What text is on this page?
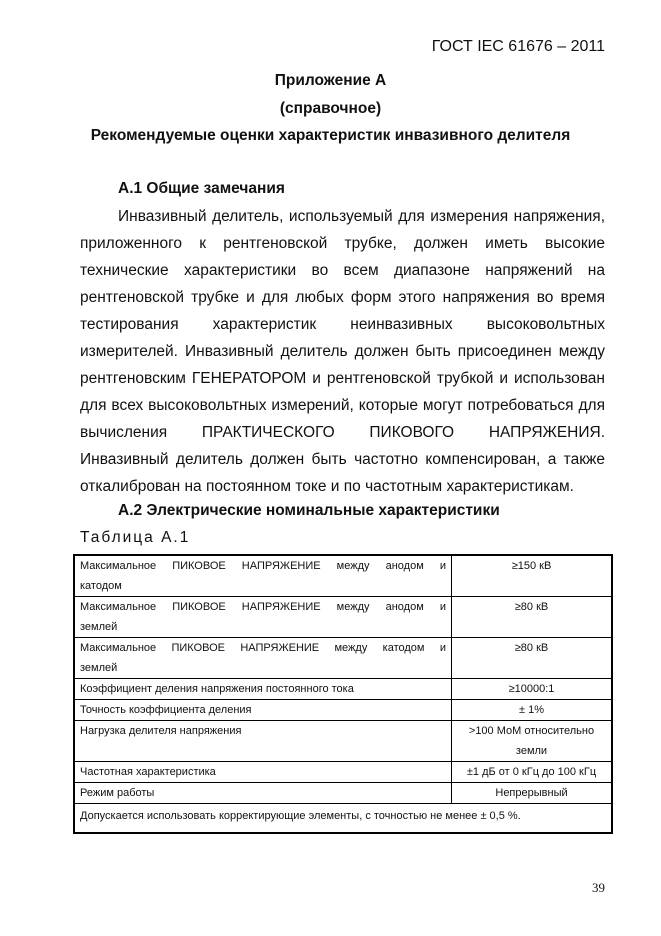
ГОСТ IEC 61676 – 2011
Приложение А
(справочное)
Рекомендуемые оценки характеристик инвазивного делителя
А.1 Общие замечания

Инвазивный делитель, используемый для измерения напряжения, приложенного к рентгеновской трубке, должен иметь высокие технические характеристики во всем диапазоне напряжений на рентгеновской трубке и для любых форм этого напряжения во время тестирования характеристик неинвазивных высоковольтных измерителей. Инвазивный делитель должен быть присоединен между рентгеновским ГЕНЕРАТОРОМ и рентгеновской трубкой и использован для всех высоковольтных измерений, которые могут потребоваться для вычисления ПРАКТИЧЕСКОГО ПИКОВОГО НАПРЯЖЕНИЯ. Инвазивный делитель должен быть частотно компенсирован, а также откалиброван на постоянном токе и по частотным характеристикам.

А.2 Электрические номинальные характеристики
Таблица А.1
Максимальное ПИКОВОЕ НАПРЯЖЕНИЕ между анодом и
катодом	≥150 кВ

Максимальное ПИКОВОЕ НАПРЯЖЕНИЕ между анодом и
землей	≥80 кВ

Максимальное ПИКОВОЕ НАПРЯЖЕНИЕ между катодом и
землей	≥80 кВ
Коэффициент деления напряжения постоянного тока	≥10000:1
Точность коэффициента деления	± 1%
Нагрузка делителя напряжения	>100 МоМ относительно
земли

Частотная характеристика	±1 дБ от 0 кГц до 100 кГц
Режим работы	Непрерывный
Допускается использовать корректирующие элементы, с точностью не менее ± 0,5 %.	
39
